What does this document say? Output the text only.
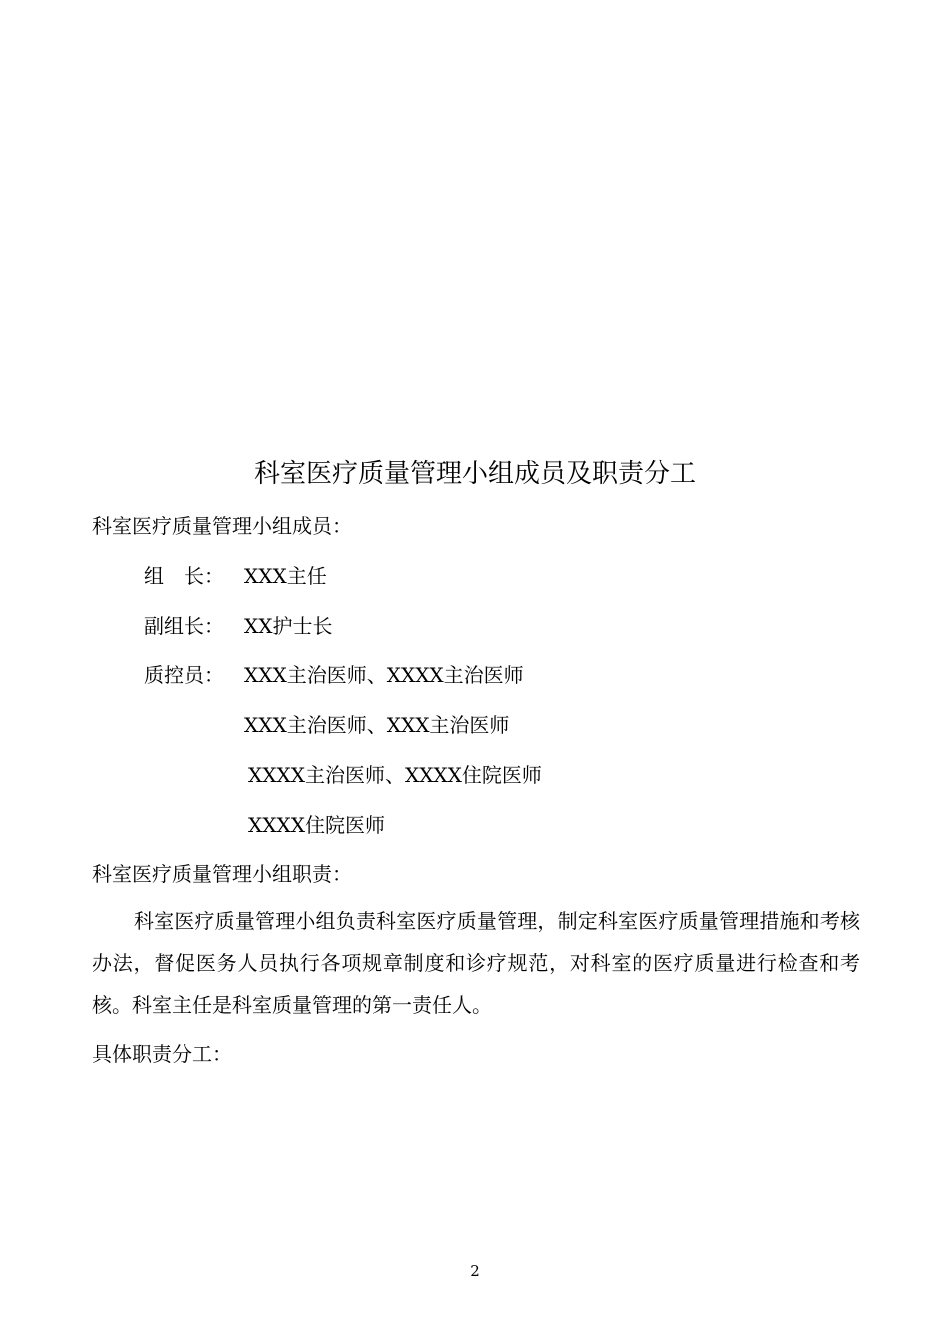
科室医疗质量管理小组成员及职责分工
科室医疗质量管理小组成员：
组　长： XXX主任
副组长： XX护士长
质控员： XXX主治医师、XXXX主治医师
XXX主治医师、XXX主治医师
XXXX主治医师、XXXX住院医师
XXXX住院医师
科室医疗质量管理小组职责：
科室医疗质量管理小组负责科室医疗质量管理，制定科室医疗质量管理措施和考核办法，督促医务人员执行各项规章制度和诊疗规范，对科室的医疗质量进行检查和考核。科室主任是科室质量管理的第一责任人。
具体职责分工：
2
